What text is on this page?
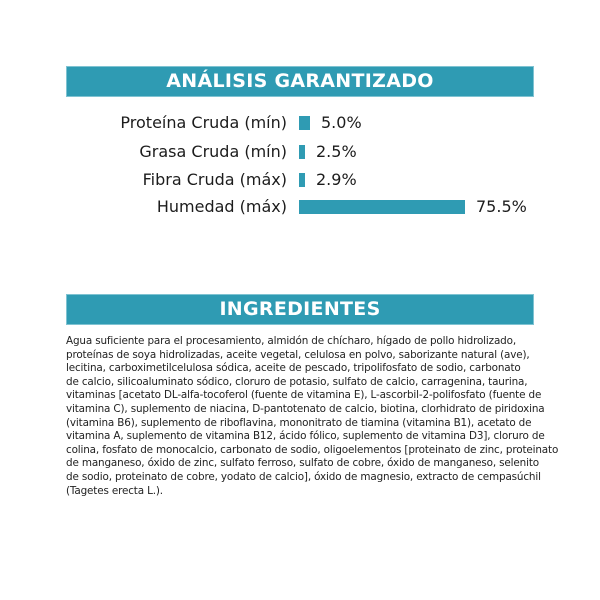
ANÁLISIS GARANTIZADO
Proteína Cruda (mín) 5.0%
Grasa Cruda (mín) 2.5%
Fibra Cruda (máx) 2.9%
Humedad (máx)	75.5%
INGREDIENTES
Agua suficiente para el procesamiento, almidón de chícharo, hígado de pollo hidrolizado,
proteínas de soya hidrolizadas, aceite vegetal, celulosa en polvo, saborizante natural (ave),
lecitina, carboximetilcelulosa sódica, aceite de pescado, tripolifosfato de sodio, carbonato
de calcio, silicoaluminato sódico, cloruro de potasio, sulfato de calcio, carragenina, taurina,
vitaminas [acetato DL-alfa-tocoferol (fuente de vitamina E), L-ascorbil-2-polifosfato (fuente de
vitamina C), suplemento de niacina, D-pantotenato de calcio, biotina, clorhidrato de piridoxina
(vitamina B6), suplemento de riboflavina, mononitrato de tiamina (vitamina B1), acetato de
vitamina A, suplemento de vitamina B12, ácido fólico, suplemento de vitamina D3], cloruro de
colina, fosfato de monocalcio, carbonato de sodio, oligoelementos [proteinato de zinc, proteinato
de manganeso, óxido de zinc, sulfato ferroso, sulfato de cobre, óxido de manganeso, selenito
de sodio, proteinato de cobre, yodato de calcio], óxido de magnesio, extracto de cempasúchil
(Tagetes erecta L.).
